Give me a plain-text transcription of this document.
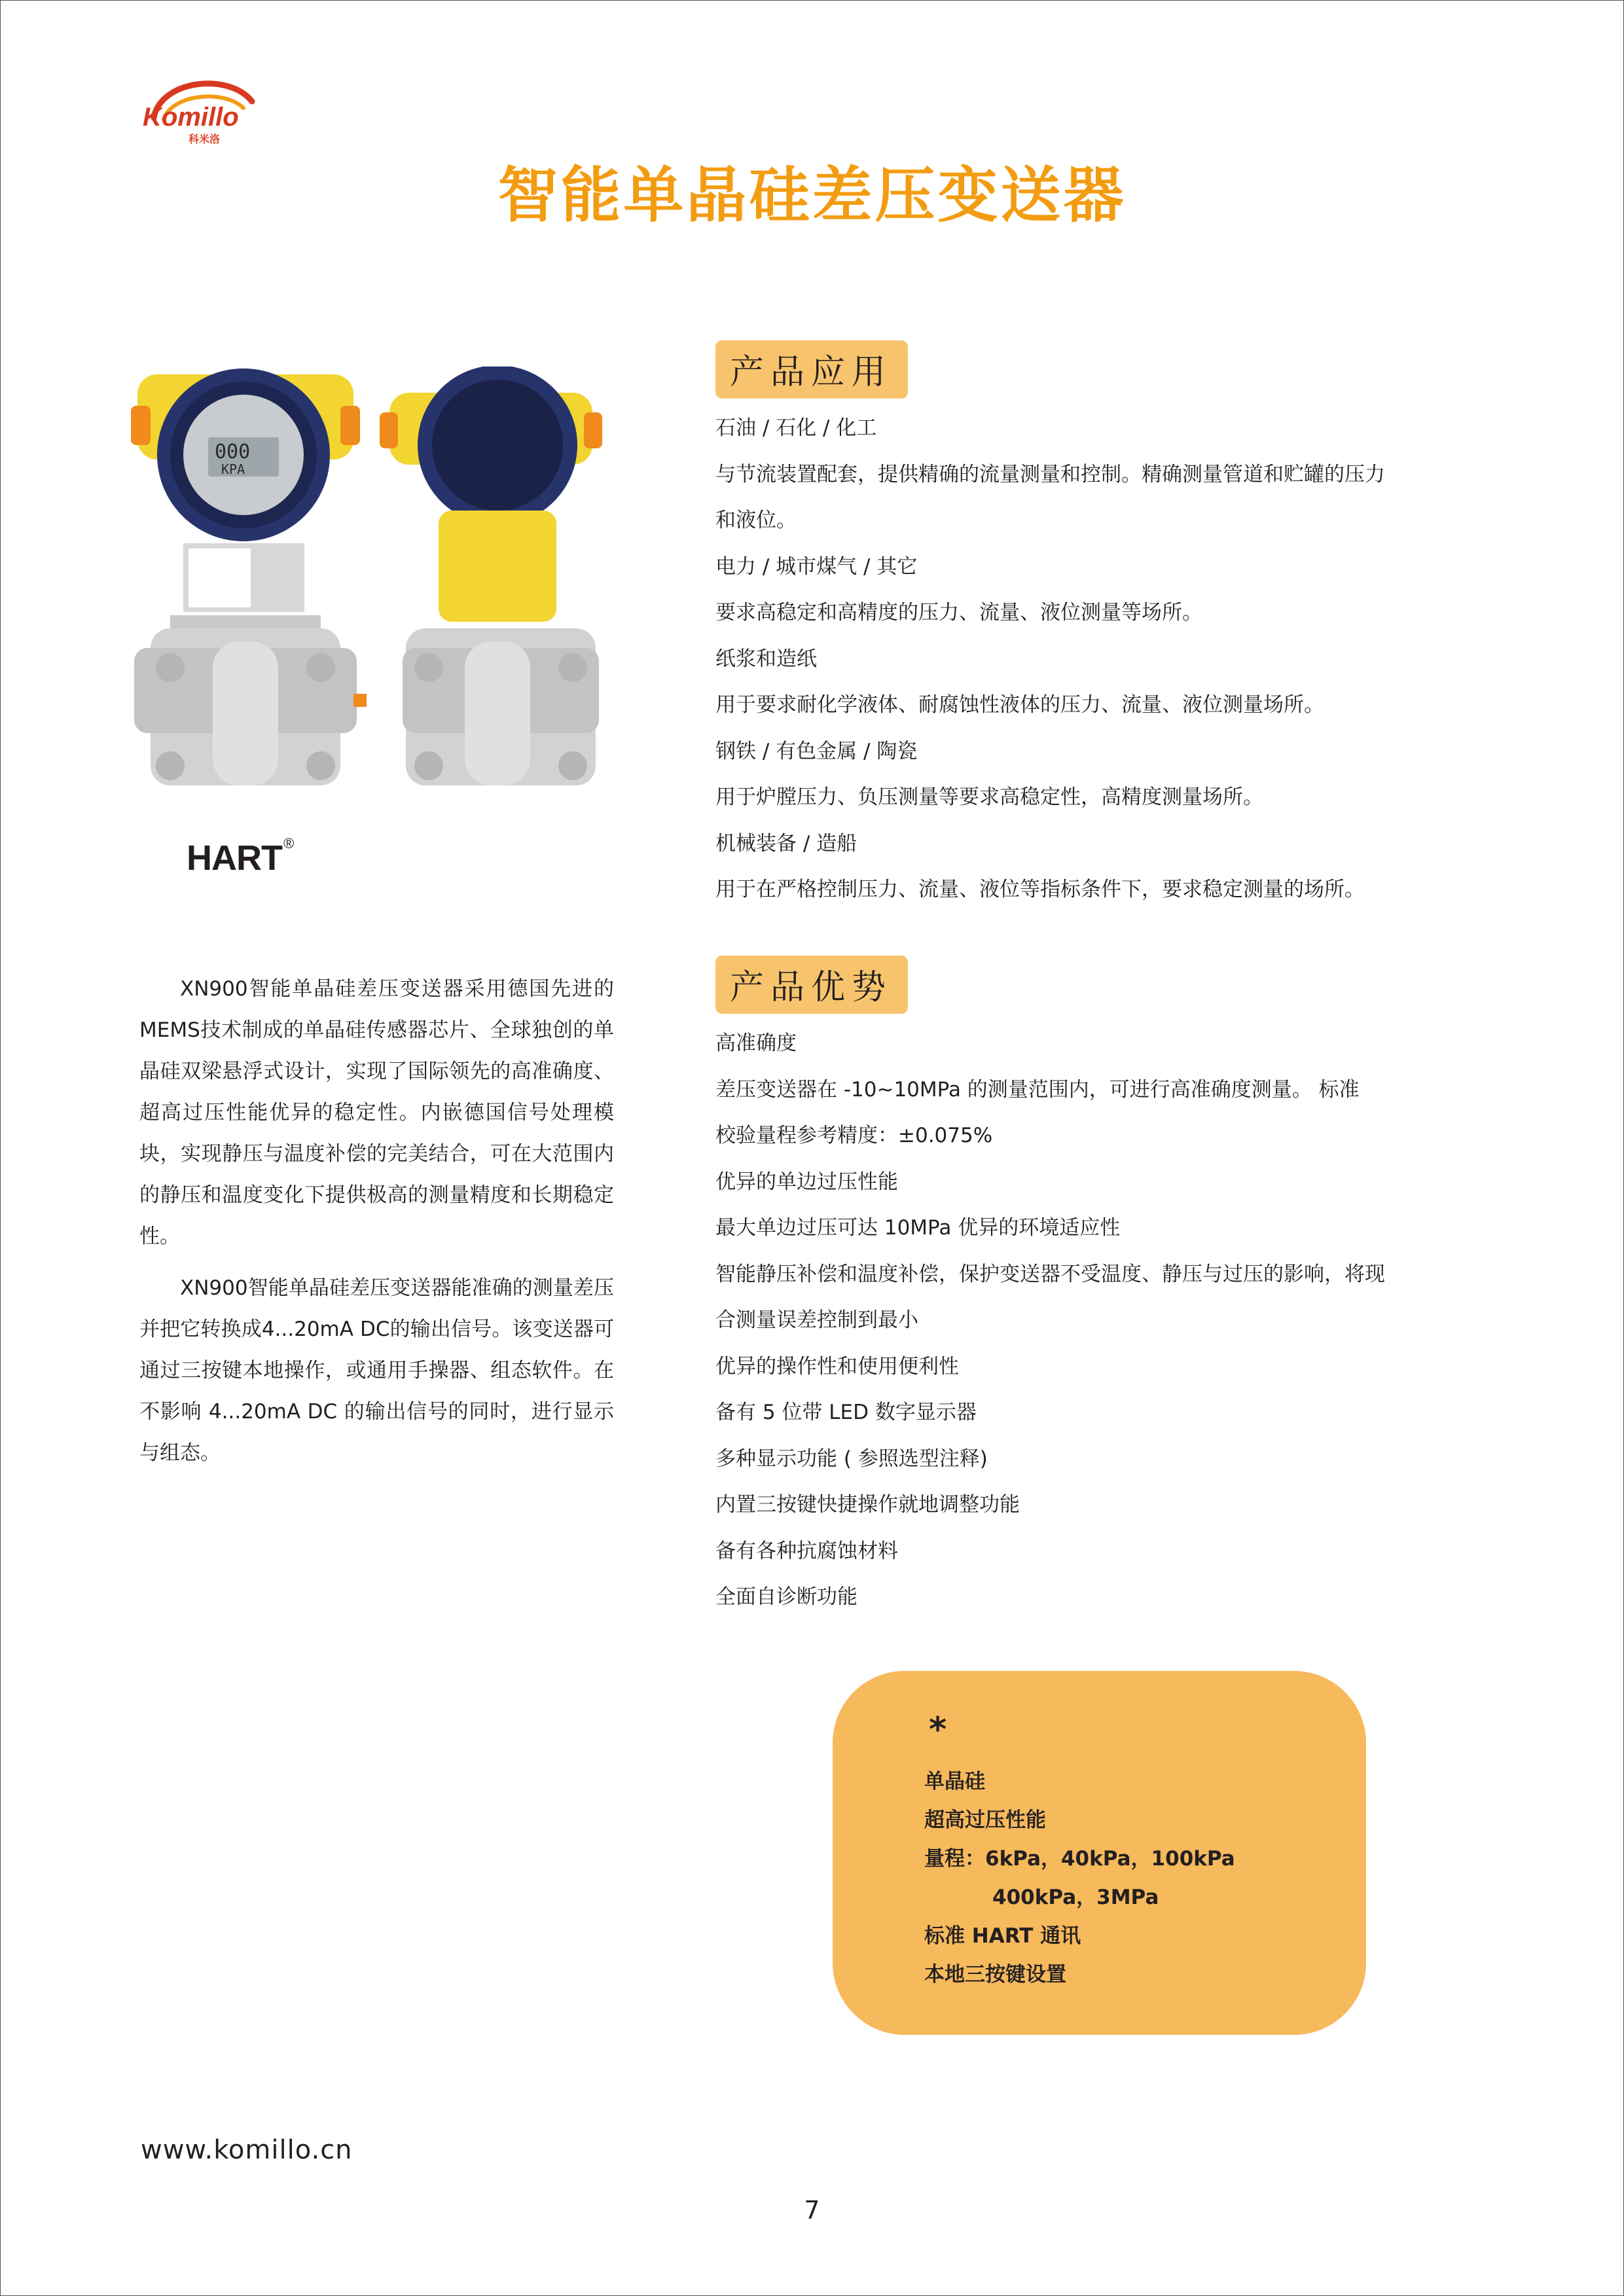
Komillo
科米洛
智能单晶硅差压变送器
000
KPA
HART®

XN900智能单晶硅差压变送器采用德国先进的MEMS技术制成的单晶硅传感器芯片、全球独创的单晶硅双梁悬浮式设计，实现了国际领先的高准确度、超高过压性能优异的稳定性。内嵌德国信号处理模块，实现静压与温度补偿的完美结合，可在大范围内的静压和温度变化下提供极高的测量精度和长期稳定性。

XN900智能单晶硅差压变送器能准确的测量差压并把它转换成4...20mA DC的输出信号。该变送器可通过三按键本地操作，或通用手操器、组态软件。在不影响 4...20mA DC 的输出信号的同时，进行显示与组态。

产品应用
石油 / 石化 / 化工
与节流装置配套，提供精确的流量测量和控制。精确测量管道和贮罐的压力
和液位。
电力 / 城市煤气 / 其它
要求高稳定和高精度的压力、流量、液位测量等场所。
纸浆和造纸
用于要求耐化学液体、耐腐蚀性液体的压力、流量、液位测量场所。
钢铁 / 有色金属 / 陶瓷
用于炉膛压力、负压测量等要求高稳定性，高精度测量场所。
机械装备 / 造船
用于在严格控制压力、流量、液位等指标条件下，要求稳定测量的场所。
产品优势
高准确度
差压变送器在 -10~10MPa 的测量范围内，可进行高准确度测量。 标准
校验量程参考精度：±0.075%
优异的单边过压性能
最大单边过压可达 10MPa 优异的环境适应性
智能静压补偿和温度补偿，保护变送器不受温度、静压与过压的影响，将现
合测量误差控制到最小
优异的操作性和使用便利性
备有 5 位带 LED 数字显示器
多种显示功能 ( 参照选型注释)
内置三按键快捷操作就地调整功能
备有各种抗腐蚀材料
全面自诊断功能
*
单晶硅
超高过压性能
量程：6kPa，40kPa，100kPa
400kPa，3MPa
标准 HART 通讯
本地三按键设置
www.komillo.cn
7
